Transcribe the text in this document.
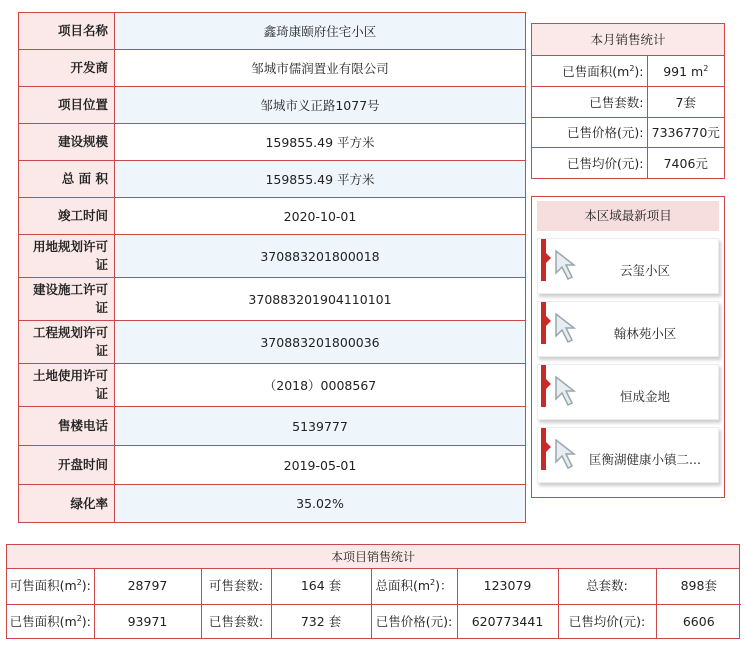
项目名称	鑫琦康颐府住宅小区
开发商	邹城市儒润置业有限公司
项目位置	邹城市义正路1077号
建设规模	159855.49 平方米
总 面 积	159855.49 平方米
竣工时间	2020-10-01
用地规划许可证	370883201800018
建设施工许可证	370883201904110101
工程规划许可证	370883201800036
土地使用许可证	（2018）0008567
售楼电话	5139777
开盘时间	2019-05-01
绿化率	35.02%
本月销售统计
已售面积$(m^2)$:	991 $m^2$
已售套数:	7套
已售价格(元):	7336770元
已售均价(元):	7406元
本区域最新项目
云玺小区
翰林苑小区
恒成金地
匡衡湖健康小镇二...
本项目销售统计
可售面积$(m^2)$:	28797	可售套数:	164 套	总面积$(m^2)$：	123079	总套数:	898套
已售面积$(m^2)$:	93971	已售套数:	732 套	已售价格(元):	620773441	已售均价(元):	6606
